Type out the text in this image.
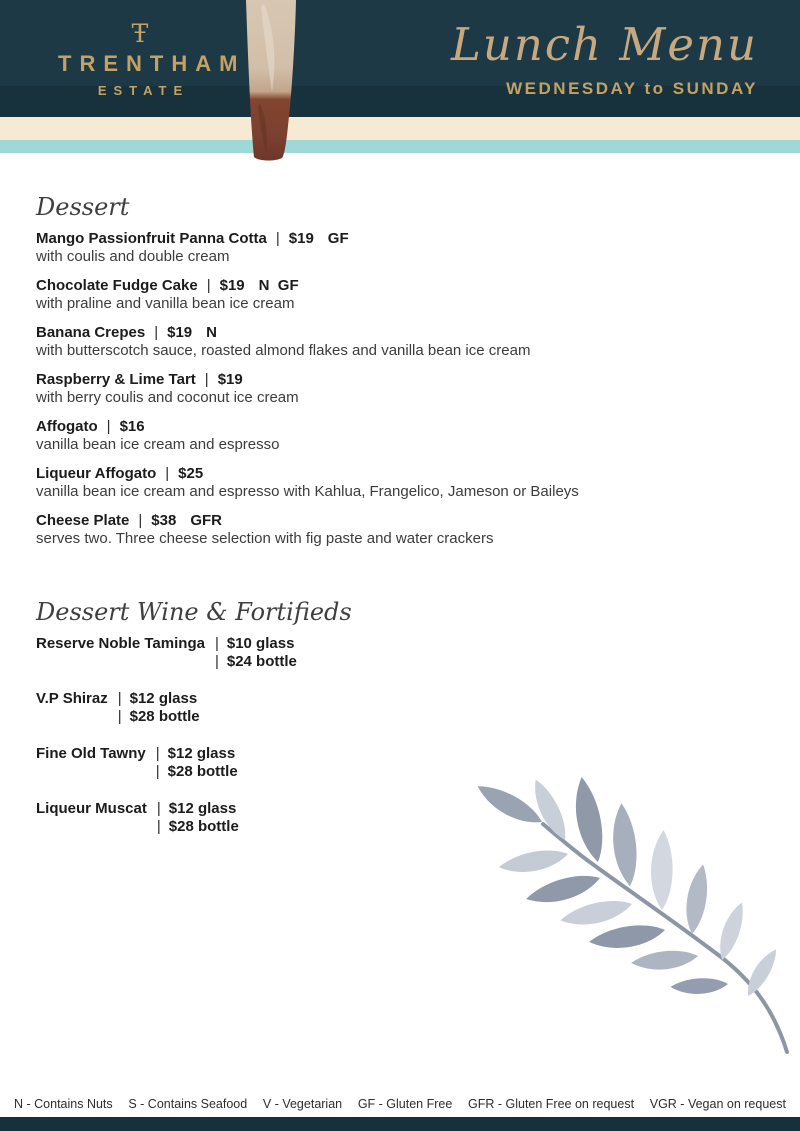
Ŧ
TRENTHAM
ESTATE
Lunch Menu
WEDNESDAY to SUNDAY
Dessert
Mango Passionfruit Panna Cotta | $19 GF
with coulis and double cream
Chocolate Fudge Cake | $19 N  GF
with praline and vanilla bean ice cream
Banana Crepes | $19 N
with butterscotch sauce, roasted almond flakes and vanilla bean ice cream
Raspberry & Lime Tart | $19
with berry coulis and coconut ice cream
Affogato | $16
vanilla bean ice cream and espresso
Liqueur Affogato | $25
vanilla bean ice cream and espresso with Kahlua, Frangelico, Jameson or Baileys
Cheese Plate | $38 GFR
serves two. Three cheese selection with fig paste and water crackers
Dessert Wine & Fortifieds
Reserve Noble Taminga | $10 glass
| $24 bottle
V.P Shiraz | $12 glass
| $28 bottle
Fine Old Tawny | $12 glass
| $28 bottle
Liqueur Muscat | $12 glass
| $28 bottle
N - Contains Nuts S - Contains Seafood V - Vegetarian GF - Gluten Free GFR - Gluten Free on request VGR - Vegan on request
